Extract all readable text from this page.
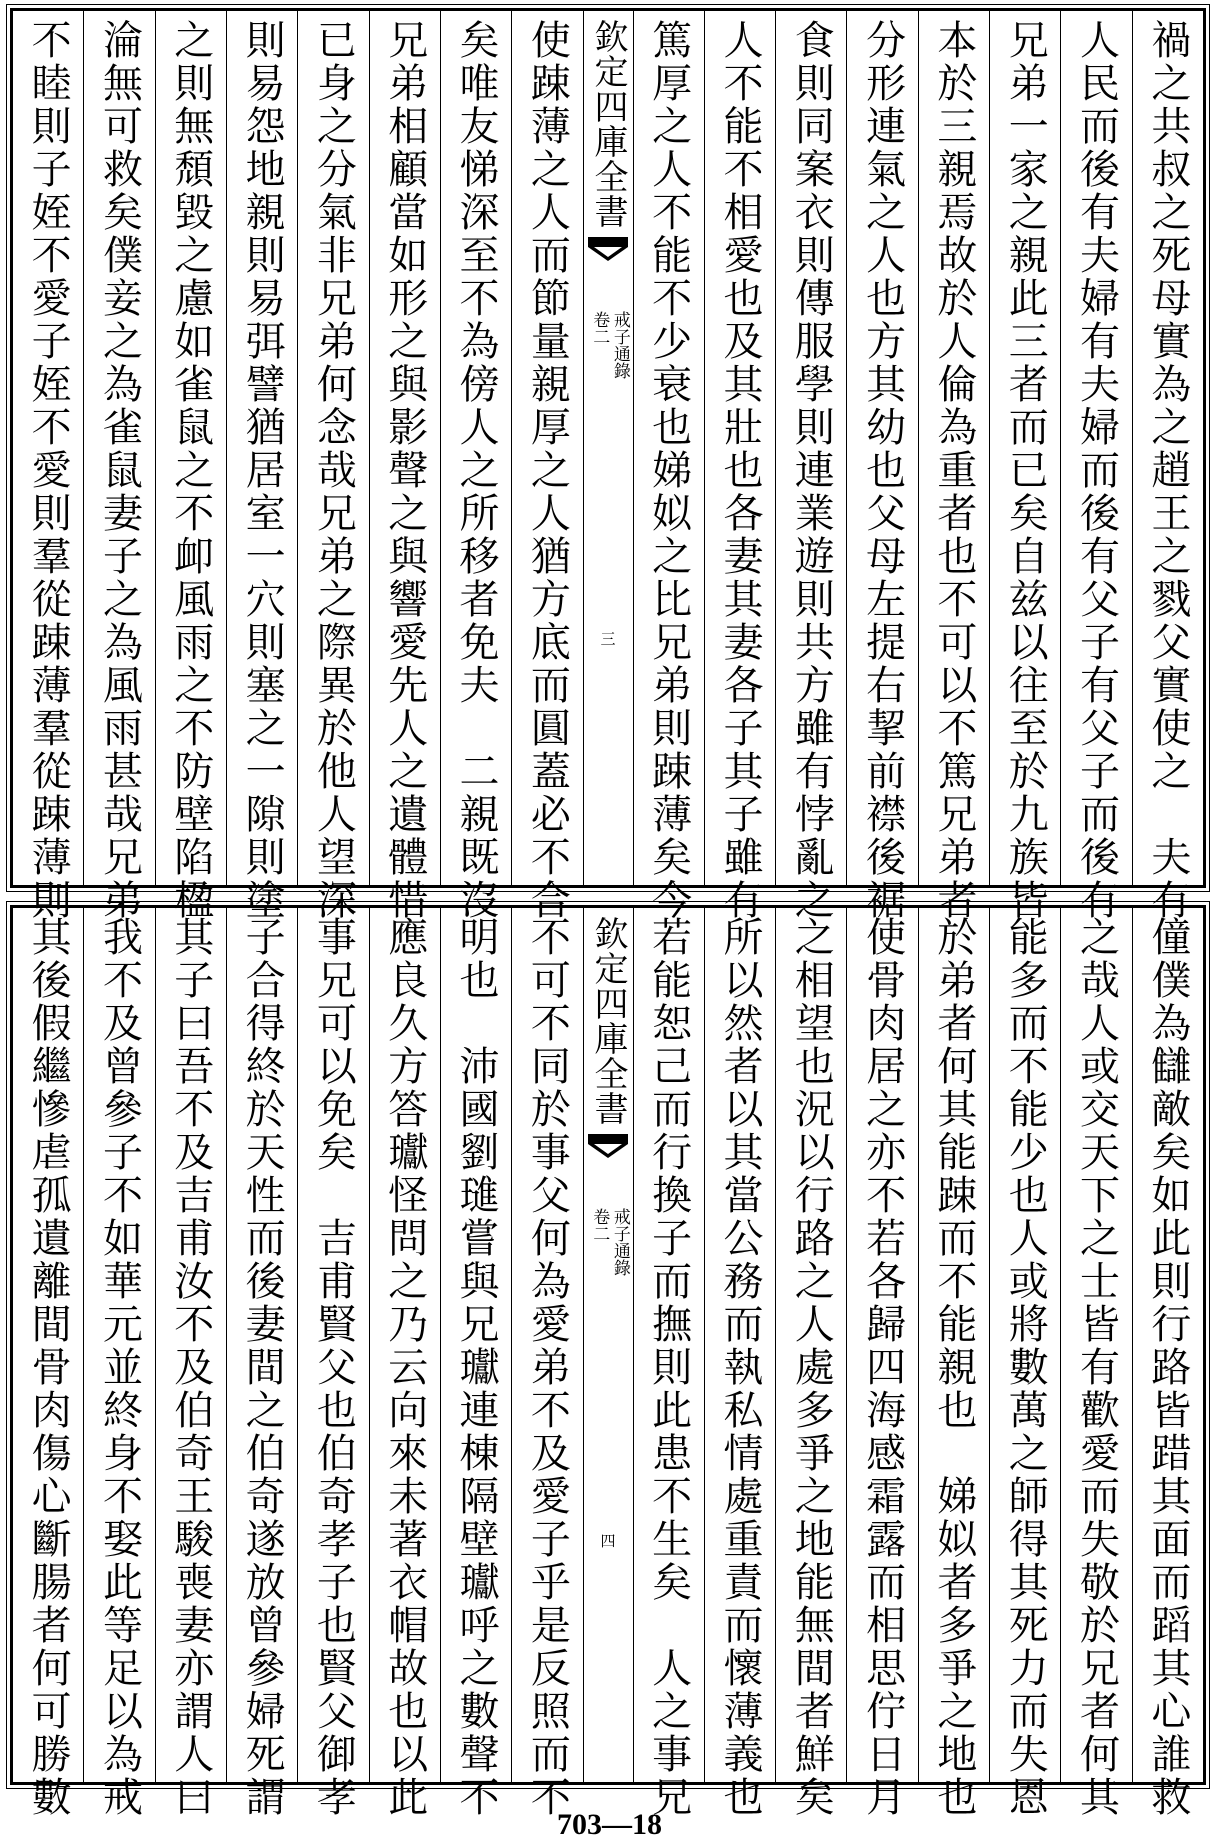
禍之共叔之死母實為之趙王之戮父實使之　夫有
人民而後有夫婦有夫婦而後有父子有父子而後有
兄弟一家之親此三者而已矣自兹以往至於九族皆
本於三親焉故於人倫為重者也不可以不篤兄弟者
分形連氣之人也方其幼也父母左提右挈前襟後裾
食則同案衣則傳服學則連業遊則共方雖有悖亂之
人不能不相愛也及其壯也各妻其妻各子其子雖有
篤厚之人不能不少衰也娣姒之比兄弟則踈薄矣今
欽定四庫全書
戒子通錄
卷二
三
使踈薄之人而節量親厚之人猶方底而圓蓋必不合
矣唯友悌深至不為傍人之所移者免夫　二親既沒
兄弟相顧當如形之與影聲之與響愛先人之遺體惜
已身之分氣非兄弟何念哉兄弟之際異於他人望深
則易怨地親則易弭譬猶居室一穴則塞之一隙則塗
之則無頹毀之慮如雀鼠之不卹風雨之不防壁陷楹
淪無可救矣僕妾之為雀鼠妻子之為風雨甚哉兄弟
不睦則子姪不愛子姪不愛則羣從踈薄羣從踈薄則
僮僕為讎敵矣如此則行路皆踖其面而蹈其心誰救
之哉人或交天下之士皆有歡愛而失敬於兄者何其
能多而不能少也人或將數萬之師得其死力而失恩
於弟者何其能踈而不能親也　娣姒者多爭之地也
使骨肉居之亦不若各歸四海感霜露而相思佇日月
之相望也況以行路之人處多爭之地能無間者鮮矣
所以然者以其當公務而執私情處重責而懷薄義也
若能恕己而行換子而撫則此患不生矣　人之事兄
欽定四庫全書
戒子通錄
卷二
四
不可不同於事父何為愛弟不及愛子乎是反照而不
明也　沛國劉璡嘗與兄瓛連棟隔壁瓛呼之數聲不
應良久方答瓛怪問之乃云向來未著衣帽故也以此
事兄可以免矣　吉甫賢父也伯奇孝子也賢父御孝
子合得終於天性而後妻間之伯奇遂放曾參婦死謂
其子曰吾不及吉甫汝不及伯奇王駿喪妻亦謂人曰
我不及曾參子不如華元並終身不娶此等足以為戒
其後假繼慘虐孤遺離間骨肉傷心斷腸者何可勝數
703—18
